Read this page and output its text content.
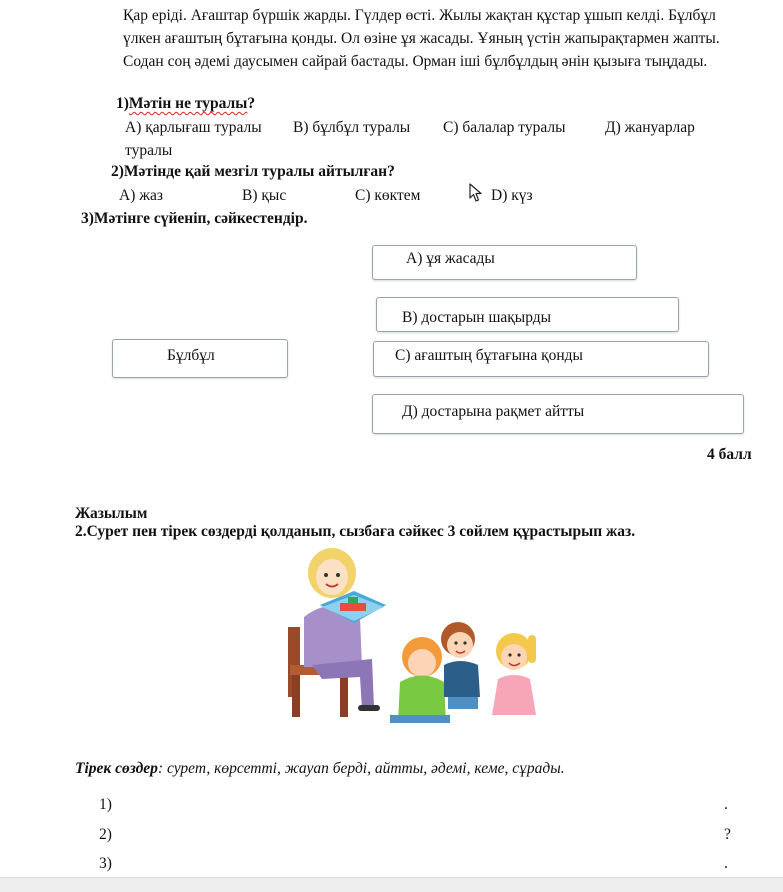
Қар еріді. Ағаштар бүршік жарды. Гүлдер өсті. Жылы жақтан құстар ұшып келді. Бұлбұл үлкен ағаштың бұтағына қонды. Ол өзіне ұя жасады. Ұяның үстін жапырақтармен жапты. Содан соң әдемі даусымен сайрай бастады. Орман іші бұлбұлдың әнін қызыға тыңдады.
1)Мәтін не туралы?
A) қарлығаш туралы B) бұлбұл туралы C) балалар туралы	Д) жануарлар
туралы
2)Мәтінде қай мезгіл туралы айтылған?
A) жаз	B) қыс	C) көктем	D) күз
3)Мәтінге сүйеніп, сәйкестендір.
A) ұя жасады
B) достарын шақырды
Бұлбұл	C) ағаштың бұтағына қонды
Д) достарына рақмет айтты
4 балл
Жазылым
2.Сурет пен тірек сөздерді қолданып, сызбаға сәйкес 3 сөйлем құрастырып жаз.
Тірек сөздер: сурет, көрсетті, жауап берді, айтты, әдемі, кеме, сұрады.
1)	.
2)	?
3)	.
